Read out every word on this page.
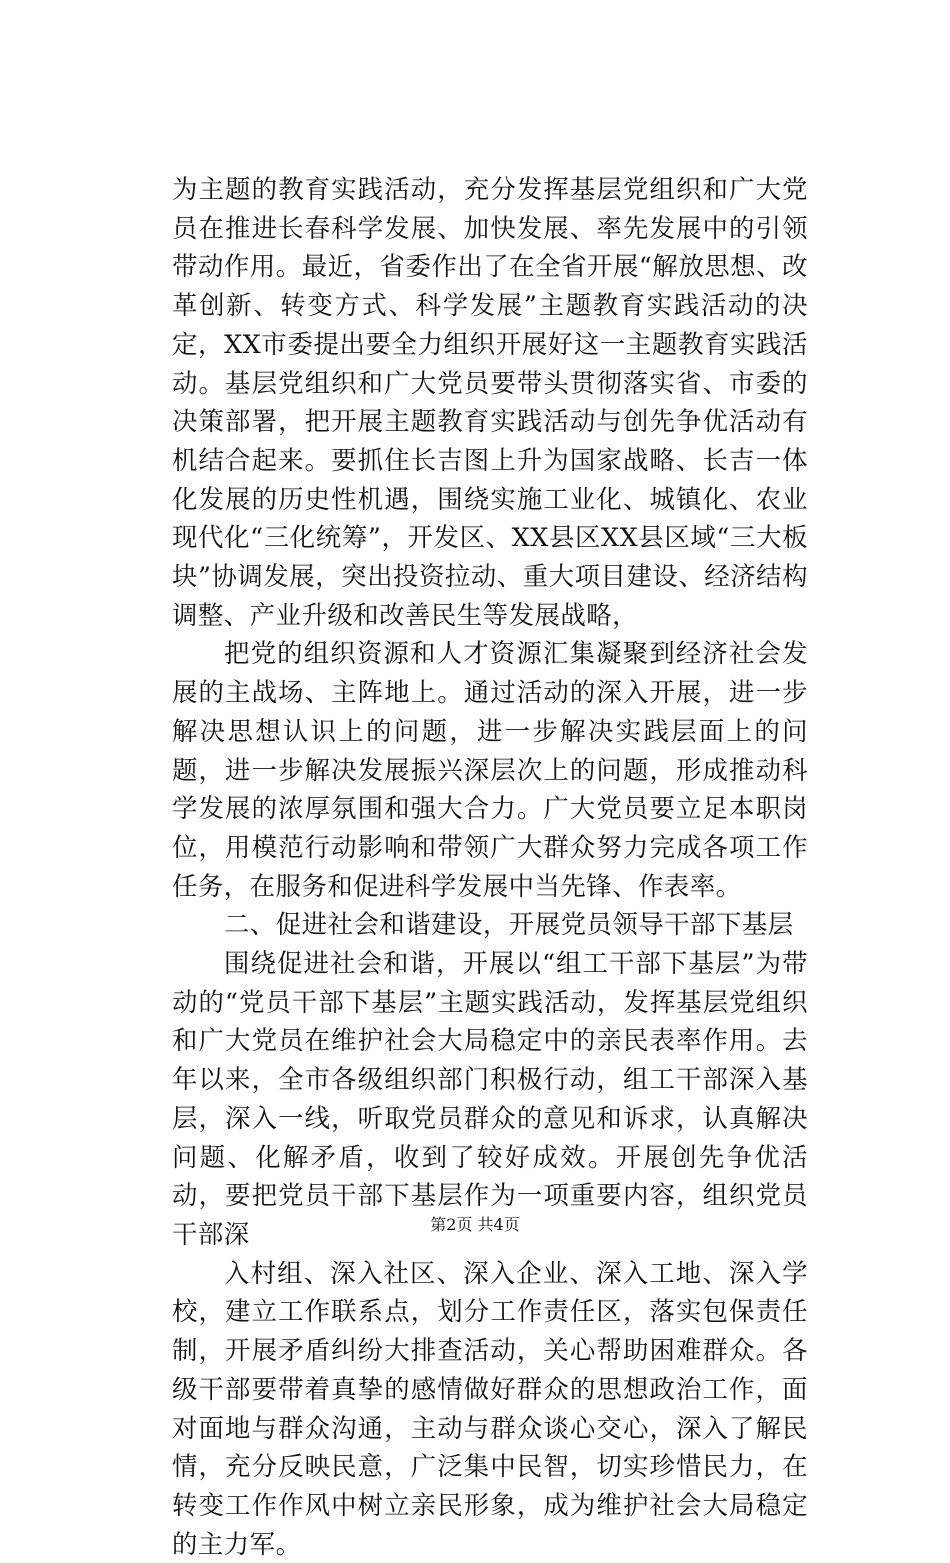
为主题的教育实践活动，充分发挥基层党组织和广大党员在推进长春科学发展、加快发展、率先发展中的引领带动作用。最近，省委作出了在全省开展“解放思想、改革创新、转变方式、科学发展”主题教育实践活动的决定，XX市委提出要全力组织开展好这一主题教育实践活动。基层党组织和广大党员要带头贯彻落实省、市委的决策部署，把开展主题教育实践活动与创先争优活动有机结合起来。要抓住长吉图上升为国家战略、长吉一体化发展的历史性机遇，围绕实施工业化、城镇化、农业现代化“三化统筹”，开发区、XX县区XX县区域“三大板块”协调发展，突出投资拉动、重大项目建设、经济结构调整、产业升级和改善民生等发展战略，

把党的组织资源和人才资源汇集凝聚到经济社会发展的主战场、主阵地上。通过活动的深入开展，进一步解决思想认识上的问题，进一步解决实践层面上的问题，进一步解决发展振兴深层次上的问题，形成推动科学发展的浓厚氛围和强大合力。广大党员要立足本职岗位，用模范行动影响和带领广大群众努力完成各项工作任务，在服务和促进科学发展中当先锋、作表率。

二、促进社会和谐建设，开展党员领导干部下基层

围绕促进社会和谐，开展以“组工干部下基层”为带动的“党员干部下基层”主题实践活动，发挥基层党组织和广大党员在维护社会大局稳定中的亲民表率作用。去年以来，全市各级组织部门积极行动，组工干部深入基层，深入一线，听取党员群众的意见和诉求，认真解决问题、化解矛盾，收到了较好成效。开展创先争优活动，要把党员干部下基层作为一项重要内容，组织党员干部深

入村组、深入社区、深入企业、深入工地、深入学校，建立工作联系点，划分工作责任区，落实包保责任制，开展矛盾纠纷大排查活动，关心帮助困难群众。各级干部要带着真挚的感情做好群众的思想政治工作，面对面地与群众沟通，主动与群众谈心交心，深入了解民情，充分反映民意，广泛集中民智，切实珍惜民力，在转变工作作风中树立亲民形象，成为维护社会大局稳定的主力军。

第2页 共4页
